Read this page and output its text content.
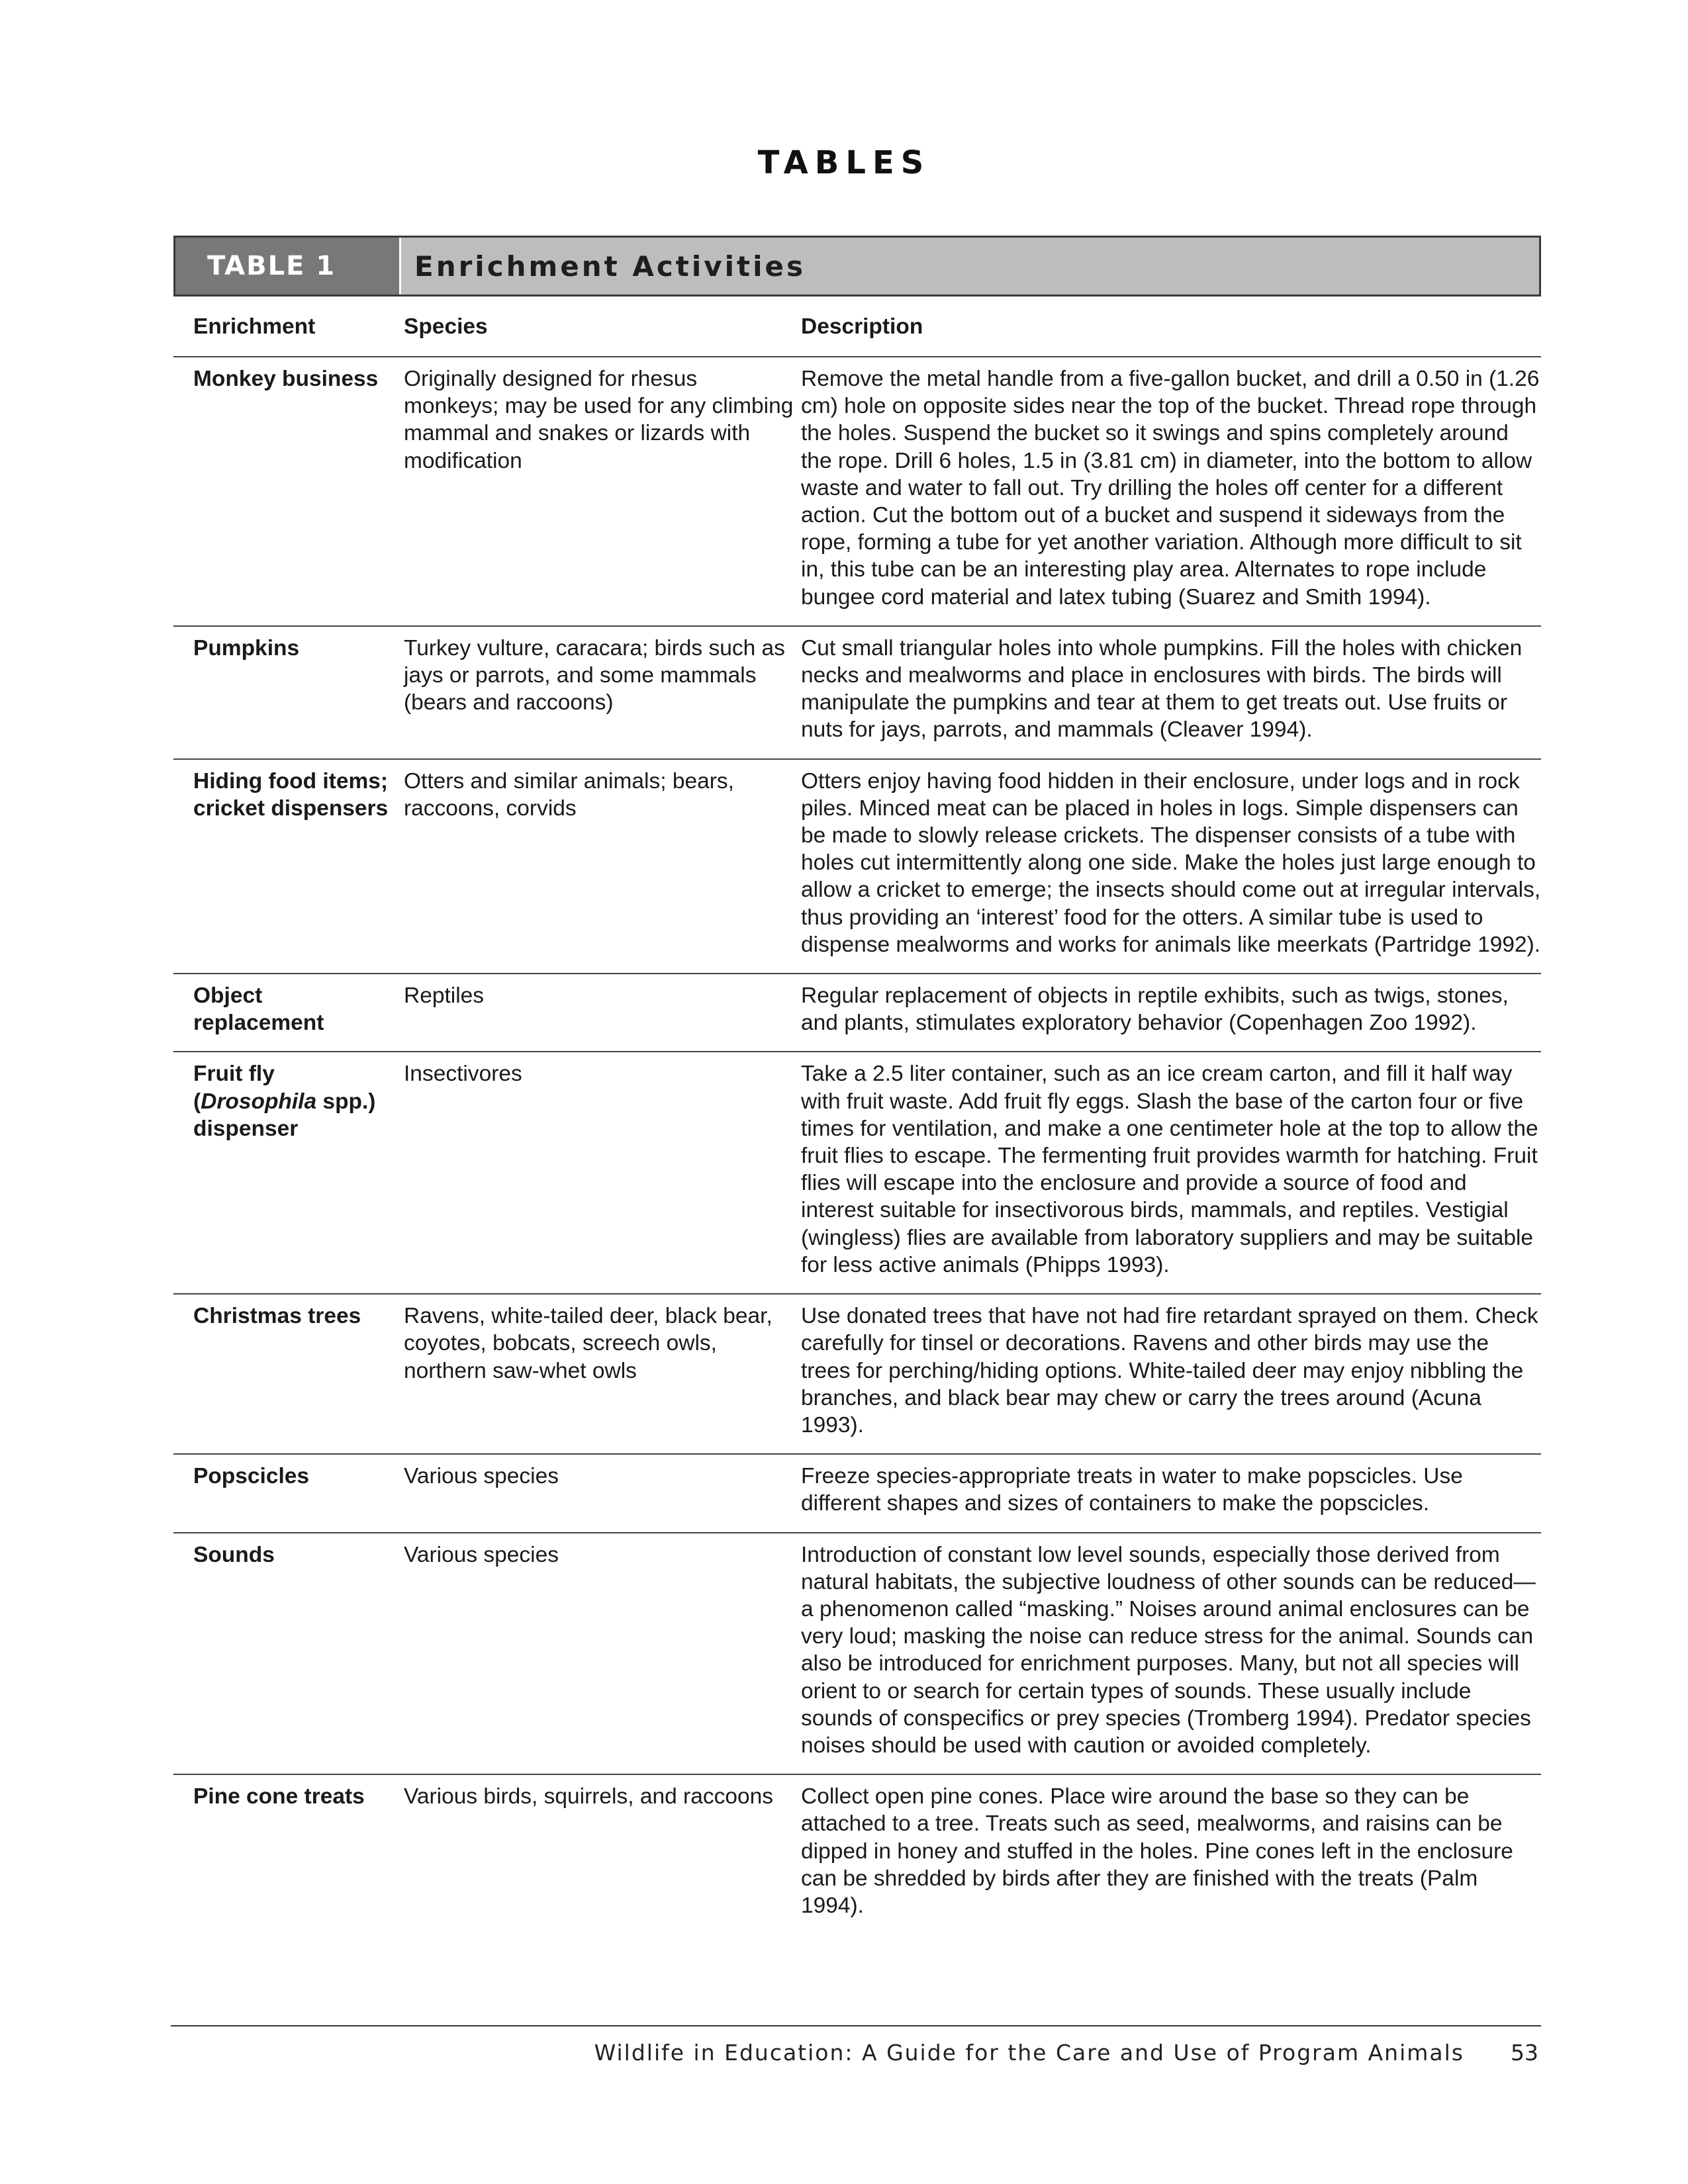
TABLES
TABLE 1	Enrichment Activities
Enrichment	Species	Description
Monkey business	Originally designed for rhesus monkeys; may be used for any climbing mammal and snakes or lizards with modification	Remove the metal handle from a five-gallon bucket, and drill a 0.50 in (1.26 cm) hole on opposite sides near the top of the bucket. Thread rope through the holes. Suspend the bucket so it swings and spins completely around the rope. Drill 6 holes, 1.5 in (3.81 cm) in diameter, into the bottom to allow waste and water to fall out. Try drilling the holes off center for a different action. Cut the bottom out of a bucket and suspend it sideways from the rope, forming a tube for yet another variation. Although more difficult to sit in, this tube can be an interesting play area. Alternates to rope include bungee cord material and latex tubing (Suarez and Smith 1994).
Pumpkins	Turkey vulture, caracara; birds such as jays or parrots, and some mammals (bears and raccoons)	Cut small triangular holes into whole pumpkins. Fill the holes with chicken necks and mealworms and place in enclosures with birds. The birds will manipulate the pumpkins and tear at them to get treats out. Use fruits or nuts for jays, parrots, and mammals (Cleaver 1994).
Hiding food items; cricket dispensers	Otters and similar animals; bears, raccoons, corvids	Otters enjoy having food hidden in their enclosure, under logs and in rock piles. Minced meat can be placed in holes in logs. Simple dispensers can be made to slowly release crickets. The dispenser consists of a tube with holes cut intermittently along one side. Make the holes just large enough to allow a cricket to emerge; the insects should come out at irregular intervals, thus providing an ‘interest’ food for the otters. A similar tube is used to dispense mealworms and works for animals like meerkats (Partridge 1992).
Object replacement	Reptiles	Regular replacement of objects in reptile exhibits, such as twigs, stones, and plants, stimulates exploratory behavior (Copenhagen Zoo 1992).
Fruit fly (Drosophila spp.) dispenser	Insectivores	Take a 2.5 liter container, such as an ice cream carton, and fill it half way with fruit waste. Add fruit fly eggs. Slash the base of the carton four or five times for ventilation, and make a one centimeter hole at the top to allow the fruit flies to escape. The fermenting fruit provides warmth for hatching. Fruit flies will escape into the enclosure and provide a source of food and interest suitable for insectivorous birds, mammals, and reptiles. Vestigial (wingless) flies are available from laboratory suppliers and may be suitable for less active animals (Phipps 1993).
Christmas trees	Ravens, white-tailed deer, black bear, coyotes, bobcats, screech owls, northern saw-whet owls	Use donated trees that have not had fire retardant sprayed on them. Check carefully for tinsel or decorations. Ravens and other birds may use the trees for perching/hiding options. White-tailed deer may enjoy nibbling the branches, and black bear may chew or carry the trees around (Acuna 1993).
Popscicles	Various species	Freeze species-appropriate treats in water to make popscicles. Use different shapes and sizes of containers to make the popscicles.
Sounds	Various species	Introduction of constant low level sounds, especially those derived from natural habitats, the subjective loudness of other sounds can be reduced—a phenomenon called “masking.” Noises around animal enclosures can be very loud; masking the noise can reduce stress for the animal. Sounds can also be introduced for enrichment purposes. Many, but not all species will orient to or search for certain types of sounds. These usually include sounds of conspecifics or prey species (Tromberg 1994). Predator species noises should be used with caution or avoided completely.
Pine cone treats	Various birds, squirrels, and raccoons	Collect open pine cones. Place wire around the base so they can be attached to a tree. Treats such as seed, mealworms, and raisins can be dipped in honey and stuffed in the holes. Pine cones left in the enclosure can be shredded by birds after they are finished with the treats (Palm 1994).
Wildlife in Education: A Guide for the Care and Use of Program Animals 53
